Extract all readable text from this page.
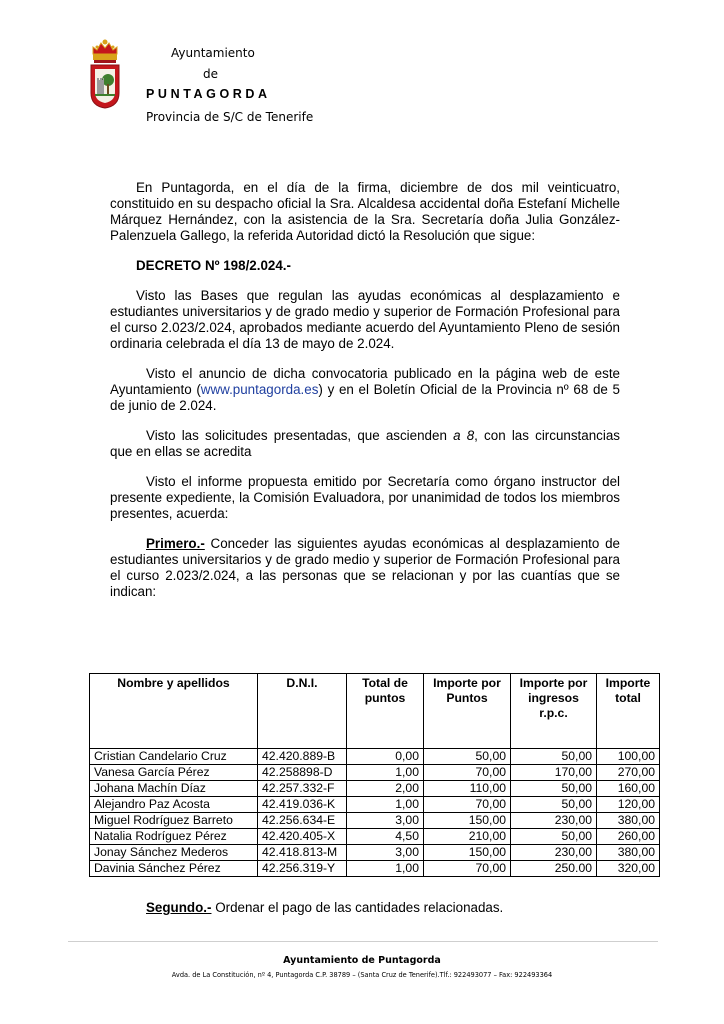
Ayuntamiento
de
PUNTAGORDA
Provincia de S/C de Tenerife

En Puntagorda, en el día de la firma, diciembre de dos mil veinticuatro, constituido en su despacho oficial la Sra. Alcaldesa accidental doña Estefaní Michelle Márquez Hernández, con la asistencia de la Sra. Secretaría doña Julia González-Palenzuela Gallego, la referida Autoridad dictó la Resolución que sigue:

DECRETO Nº 198/2.024.-

Visto las Bases que regulan las ayudas económicas al desplazamiento e estudiantes universitarios y de grado medio y superior de Formación Profesional para el curso 2.023/2.024, aprobados mediante acuerdo del Ayuntamiento Pleno de sesión ordinaria celebrada el día 13 de mayo de 2.024.

Visto el anuncio de dicha convocatoria publicado en la página web de este Ayuntamiento (www.puntagorda.es) y en el Boletín Oficial de la Provincia nº 68 de 5 de junio de 2.024.

Visto las solicitudes presentadas, que ascienden a 8, con las circunstancias que en ellas se acredita

Visto el informe propuesta emitido por Secretaría como órgano instructor del presente expediente, la Comisión Evaluadora, por unanimidad de todos los miembros presentes, acuerda:

Primero.- Conceder las siguientes ayudas económicas al desplazamiento de estudiantes universitarios y de grado medio y superior de Formación Profesional para el curso 2.023/2.024, a las personas que se relacionan y por las cuantías que se indican:

Nombre y apellidos	D.N.I.	Total de puntos	Importe por Puntos	Importe por ingresos r.p.c.	Importe total
Cristian Candelario Cruz	42.420.889-B	0,00	50,00	50,00	100,00
Vanesa García Pérez	42.258898-D	1,00	70,00	170,00	270,00
Johana Machín Díaz	42.257.332-F	2,00	110,00	50,00	160,00
Alejandro Paz Acosta	42.419.036-K	1,00	70,00	50,00	120,00
Miguel Rodríguez Barreto	42.256.634-E	3,00	150,00	230,00	380,00
Natalia Rodríguez Pérez	42.420.405-X	4,50	210,00	50,00	260,00
Jonay Sánchez Mederos	42.418.813-M	3,00	150,00	230,00	380,00
Davinia Sánchez Pérez	42.256.319-Y	1,00	70,00	250.00	320,00
Segundo.- Ordenar el pago de las cantidades relacionadas.
Ayuntamiento de Puntagorda
Avda. de La Constitución, nº 4, Puntagorda C.P. 38789 – (Santa Cruz de Tenerife).Tlf.: 922493077 – Fax: 922493364
